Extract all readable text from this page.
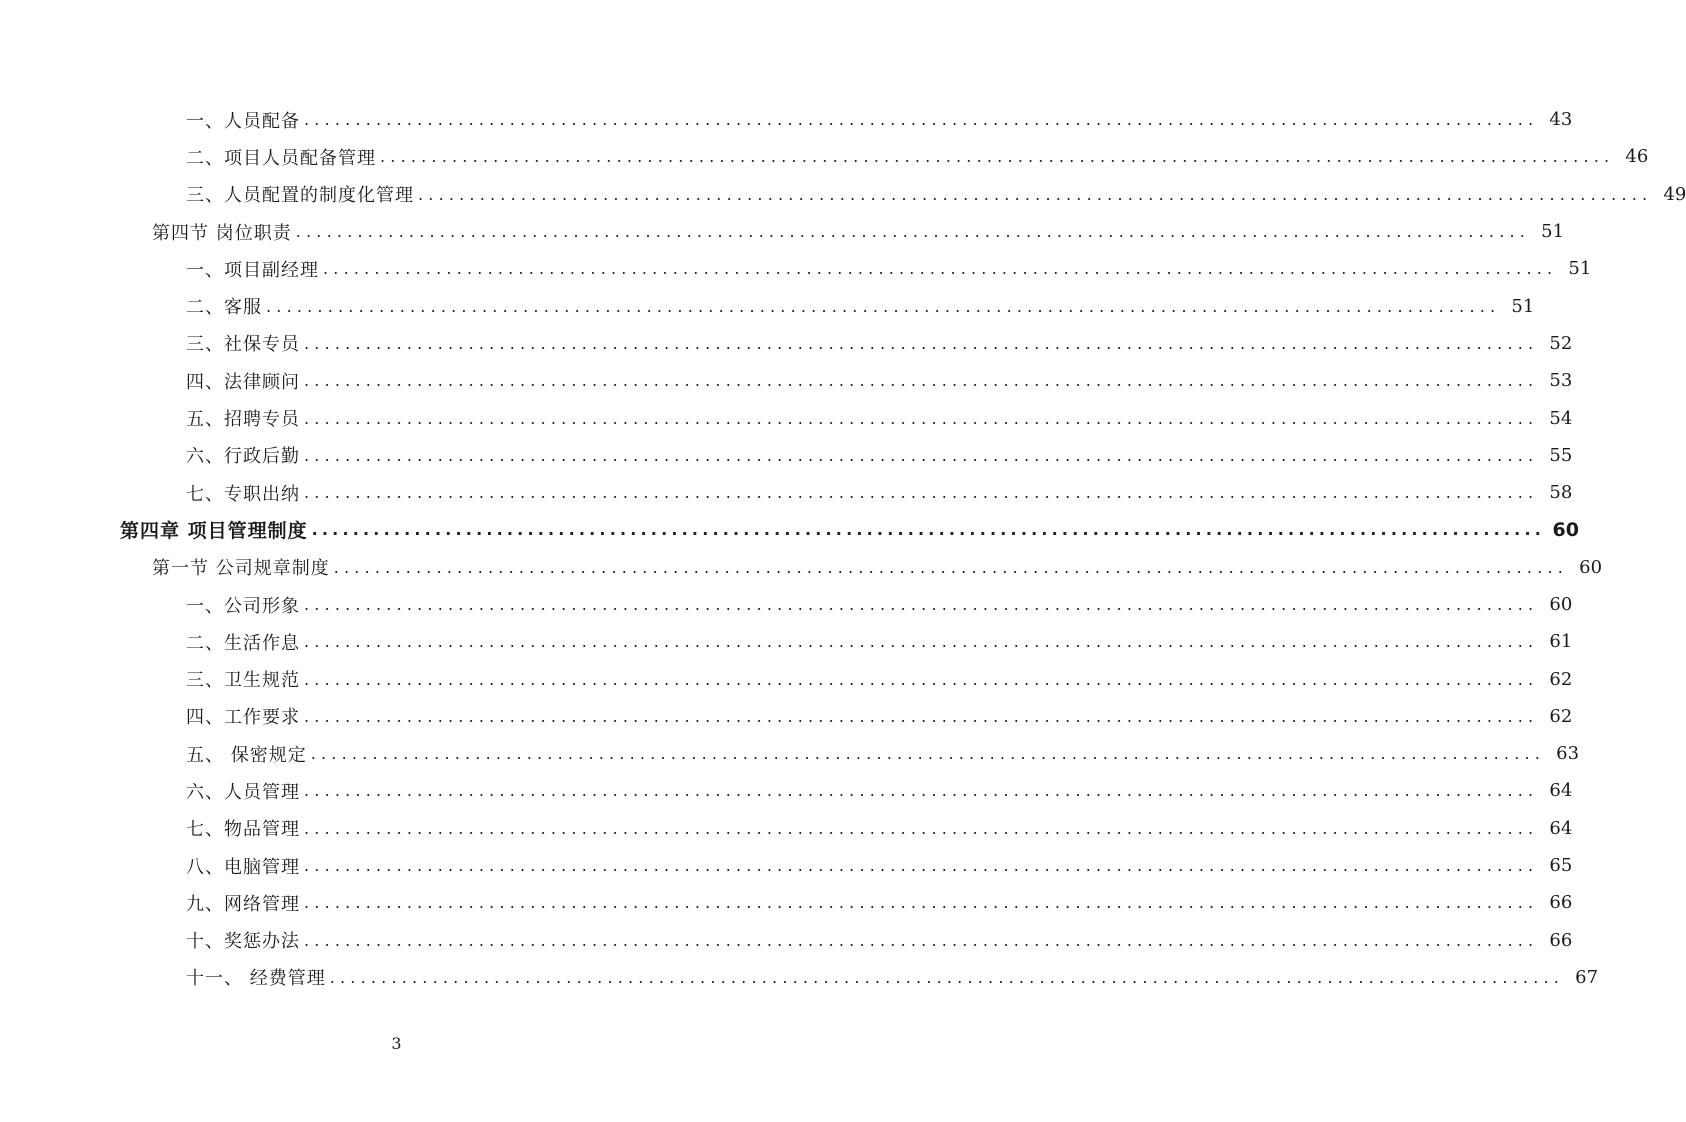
一、人员配备 ........................................................................................................................ 43
二、项目人员配备管理 ........................................................................................................................ 46
三、人员配置的制度化管理 ........................................................................................................................ 49
第四节 岗位职责 ........................................................................................................................ 51
一、项目副经理 ........................................................................................................................ 51
二、客服 ........................................................................................................................ 51
三、社保专员 ........................................................................................................................ 52
四、法律顾问 ........................................................................................................................ 53
五、招聘专员 ........................................................................................................................ 54
六、行政后勤 ........................................................................................................................ 55
七、专职出纳 ........................................................................................................................ 58
第四章 项目管理制度 ........................................................................................................................ 60
第一节 公司规章制度 ........................................................................................................................ 60
一、公司形象 ........................................................................................................................ 60
二、生活作息 ........................................................................................................................ 61
三、卫生规范 ........................................................................................................................ 62
四、工作要求 ........................................................................................................................ 62
五、 保密规定 ........................................................................................................................ 63
六、人员管理 ........................................................................................................................ 64
七、物品管理 ........................................................................................................................ 64
八、电脑管理 ........................................................................................................................ 65
九、网络管理 ........................................................................................................................ 66
十、奖惩办法 ........................................................................................................................ 66
十一、 经费管理 ........................................................................................................................ 67
3
